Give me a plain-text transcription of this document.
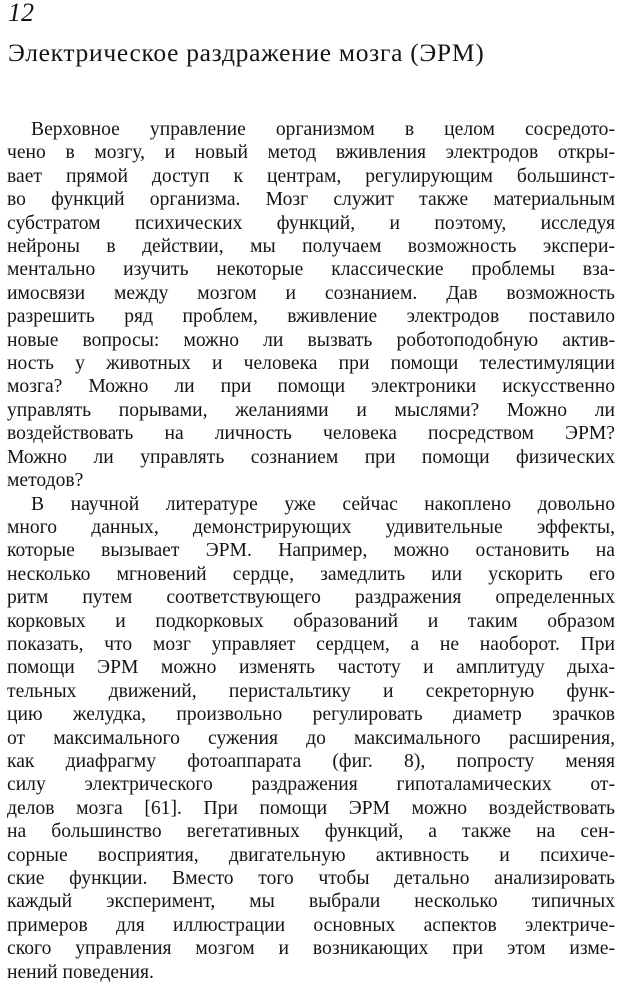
12
Электрическое раздражение мозга (ЭРМ)
Верховное управление организмом в целом сосредото-
чено в мозгу, и новый метод вживления электродов откры-
вает прямой доступ к центрам, регулирующим большинст-
во функций организма. Мозг служит также материальным
субстратом психических функций, и поэтому, исследуя
нейроны в действии, мы получаем возможность экспери-
ментально изучить некоторые классические проблемы вза-
имосвязи между мозгом и сознанием. Дав возможность
разрешить ряд проблем, вживление электродов поставило
новые вопросы: можно ли вызвать роботоподобную актив-
ность у животных и человека при помощи телестимуляции
мозга? Можно ли при помощи электроники искусственно
управлять порывами, желаниями и мыслями? Можно ли
воздействовать на личность человека посредством ЭРМ?
Можно ли управлять сознанием при помощи физических
методов?
В научной литературе уже сейчас накоплено довольно
много данных, демонстрирующих удивительные эффекты,
которые вызывает ЭРМ. Например, можно остановить на
несколько мгновений сердце, замедлить или ускорить его
ритм путем соответствующего раздражения определенных
корковых и подкорковых образований и таким образом
показать, что мозг управляет сердцем, а не наоборот. При
помощи ЭРМ можно изменять частоту и амплитуду дыха-
тельных движений, перистальтику и секреторную функ-
цию желудка, произвольно регулировать диаметр зрачков
от максимального сужения до максимального расширения,
как диафрагму фотоаппарата (фиг. 8), попросту меняя
силу электрического раздражения гипоталамических от-
делов мозга [61]. При помощи ЭРМ можно воздействовать
на большинство вегетативных функций, а также на сен-
сорные восприятия, двигательную активность и психиче-
ские функции. Вместо того чтобы детально анализировать
каждый эксперимент, мы выбрали несколько типичных
примеров для иллюстрации основных аспектов электриче-
ского управления мозгом и возникающих при этом изме-
нений поведения.
